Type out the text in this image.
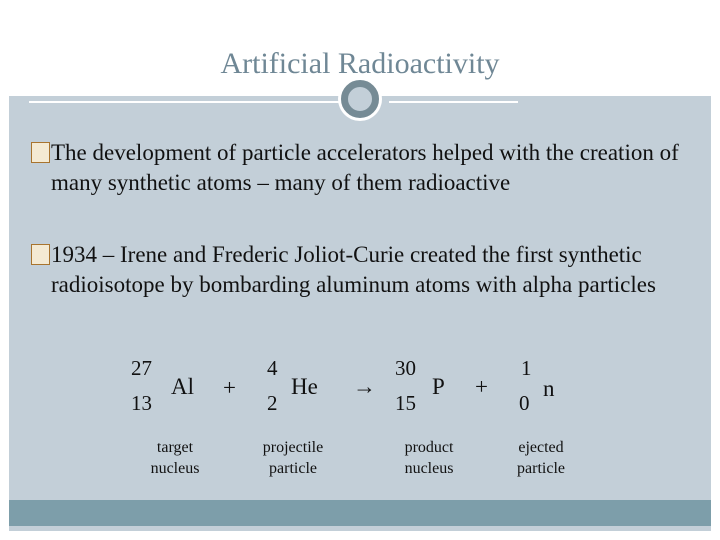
Artificial Radioactivity
The development of particle accelerators helped with the creation of many synthetic atoms – many of them radioactive
1934 – Irene and Frederic Joliot-Curie created the first synthetic radioisotope by bombarding aluminum atoms with alpha particles
27
13
Al +
4
2
He →
30
15
P +
1
0
n
target
nucleus
projectile
particle
product
nucleus
ejected
particle
